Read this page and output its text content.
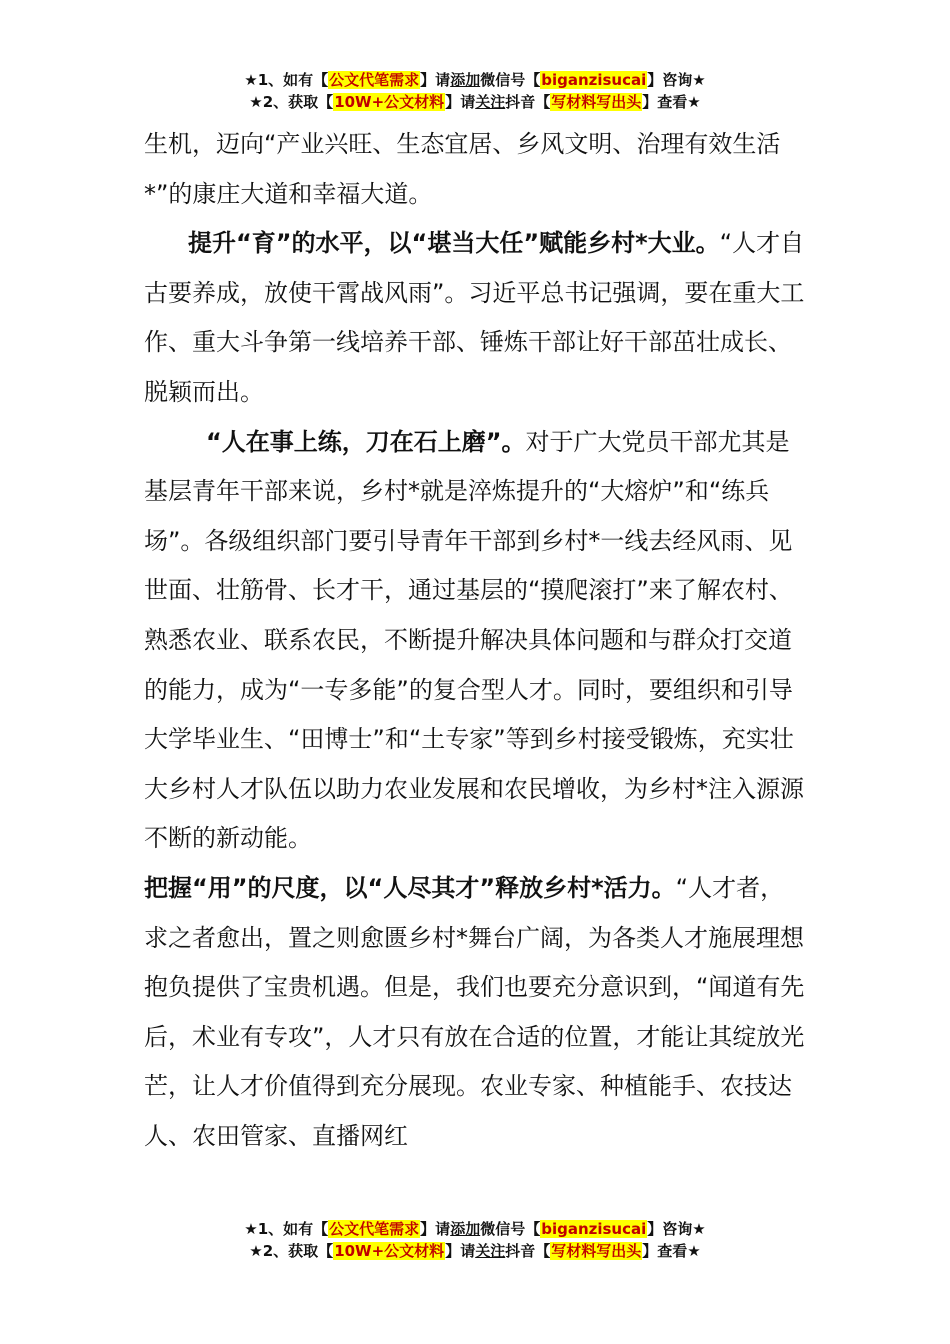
★1、如有【公文代笔需求】请添加微信号【biganzisucai】咨询★
★2、获取【10W+公文材料】请关注抖音【写材料写出头】查看★

生机，迈向“产业兴旺、生态宜居、乡风文明、治理有效生活*”的康庄大道和幸福大道。

提升“育”的水平，以“堪当大任”赋能乡村*大业。“人才自古要养成，放使干霄战风雨”。习近平总书记强调，要在重大工作、重大斗争第一线培养干部、锤炼干部让好干部茁壮成长、脱颖而出。

“人在事上练，刀在石上磨”。对于广大党员干部尤其是基层青年干部来说，乡村*就是淬炼提升的“大熔炉”和“练兵场”。各级组织部门要引导青年干部到乡村*一线去经风雨、见世面、壮筋骨、长才干，通过基层的“摸爬滚打”来了解农村、熟悉农业、联系农民，不断提升解决具体问题和与群众打交道的能力，成为“一专多能”的复合型人才。同时，要组织和引导大学毕业生、“田博士”和“土专家”等到乡村接受锻炼，充实壮大乡村人才队伍以助力农业发展和农民增收，为乡村*注入源源不断的新动能。

把握“用”的尺度，以“人尽其才”释放乡村*活力。“人才者，求之者愈出，置之则愈匮乡村*舞台广阔，为各类人才施展理想抱负提供了宝贵机遇。但是，我们也要充分意识到，“闻道有先后，术业有专攻”，人才只有放在合适的位置，才能让其绽放光芒，让人才价值得到充分展现。农业专家、种植能手、农技达人、农田管家、直播网红

★1、如有【公文代笔需求】请添加微信号【biganzisucai】咨询★
★2、获取【10W+公文材料】请关注抖音【写材料写出头】查看★
